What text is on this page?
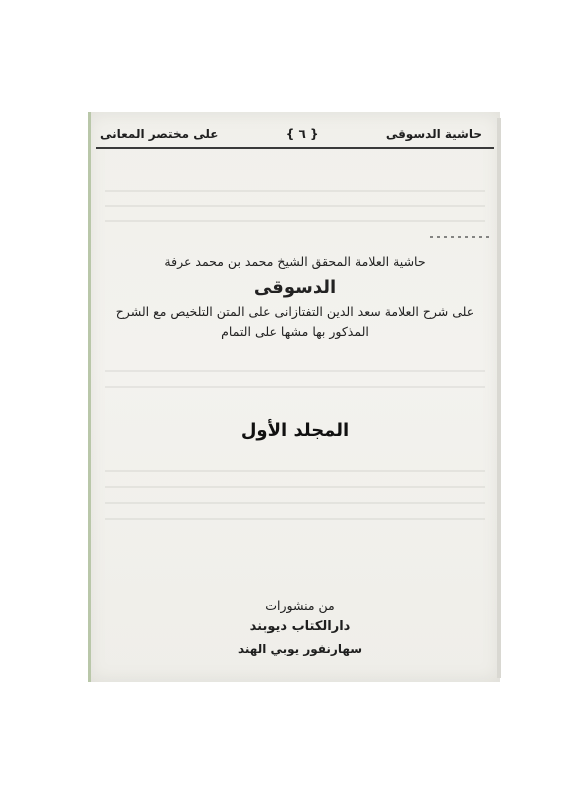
حاشية الدسوقى
{ ٦ }
على مختصر المعانى
حاشية العلامة المحقق الشيخ محمد بن محمد عرفة
الدسوقى
على شرح العلامة سعد الدين التفتازانى على المتن التلخيص مع الشرح
المذكور بها مشها على التمام
المجلد الأول
من منشورات
دارالكتاب ديوبند
سهارنفور يوبي الهند
